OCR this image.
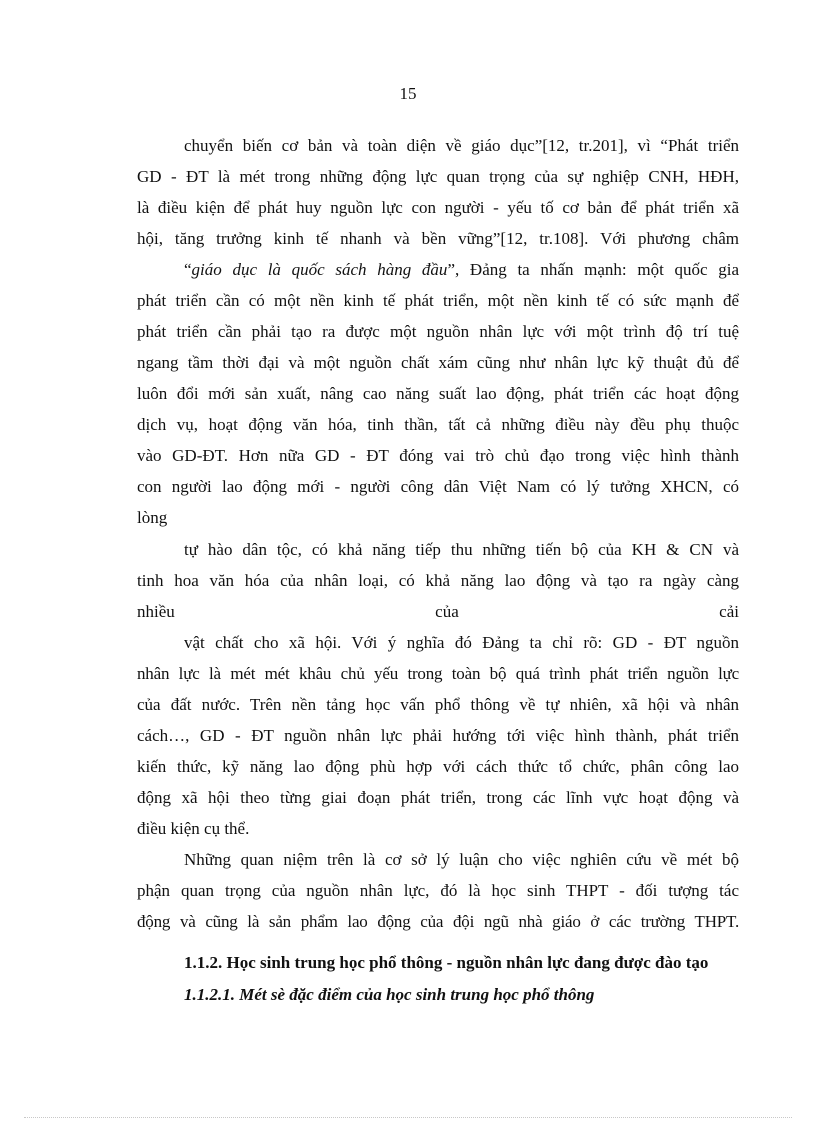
15
chuyển biến cơ bản và toàn diện về giáo dục”[12, tr.201], vì “Phát triển
GD - ĐT là mét trong những động lực quan trọng của sự nghiệp CNH, HĐH,
là điều kiện để phát huy nguồn lực con người - yếu tố cơ bản để phát triển xã
hội, tăng trưởng kinh tế nhanh và bền vững”[12, tr.108]. Với phương châm
“giáo dục là quốc sách hàng đầu”, Đảng ta nhấn mạnh: một quốc gia
phát triển cần có một nền kinh tế phát triển, một nền kinh tế có sức mạnh để
phát triển cần phải tạo ra được một nguồn nhân lực với một trình độ trí tuệ
ngang tầm thời đại và một nguồn chất xám cũng như nhân lực kỹ thuật đủ để
luôn đổi mới sản xuất, nâng cao năng suất lao động, phát triển các hoạt động
dịch vụ, hoạt động văn hóa, tinh thần, tất cả những điều này đều phụ thuộc
vào GD-ĐT. Hơn nữa GD - ĐT đóng vai trò chủ đạo trong việc hình thành
con người lao động mới - người công dân Việt Nam có lý tưởng XHCN, có
lòng
tự hào dân tộc, có khả năng tiếp thu những tiến bộ của KH & CN và
tinh hoa văn hóa của nhân loại, có khả năng lao động và tạo ra ngày càng
nhiều	của	cải
vật chất cho xã hội. Với ý nghĩa đó Đảng ta chỉ rõ: GD - ĐT nguồn
nhân lực là mét mét khâu chủ yếu trong toàn bộ quá trình phát triển nguồn lực
của đất nước. Trên nền tảng học vấn phổ thông về tự nhiên, xã hội và nhân
cách…, GD - ĐT nguồn nhân lực phải hướng tới việc hình thành, phát triển
kiến thức, kỹ năng lao động phù hợp với cách thức tổ chức, phân công lao
động xã hội theo từng giai đoạn phát triển, trong các lĩnh vực hoạt động và
điều kiện cụ thể.
Những quan niệm trên là cơ sở lý luận cho việc nghiên cứu về mét bộ
phận quan trọng của nguồn nhân lực, đó là học sinh THPT - đối tượng tác
động và cũng là sản phẩm lao động của đội ngũ nhà giáo ở các trường THPT.
1.1.2. Học sinh trung học phổ thông - nguồn nhân lực đang được đào tạo
1.1.2.1. Mét sè đặc điểm của học sinh trung học phổ thông
